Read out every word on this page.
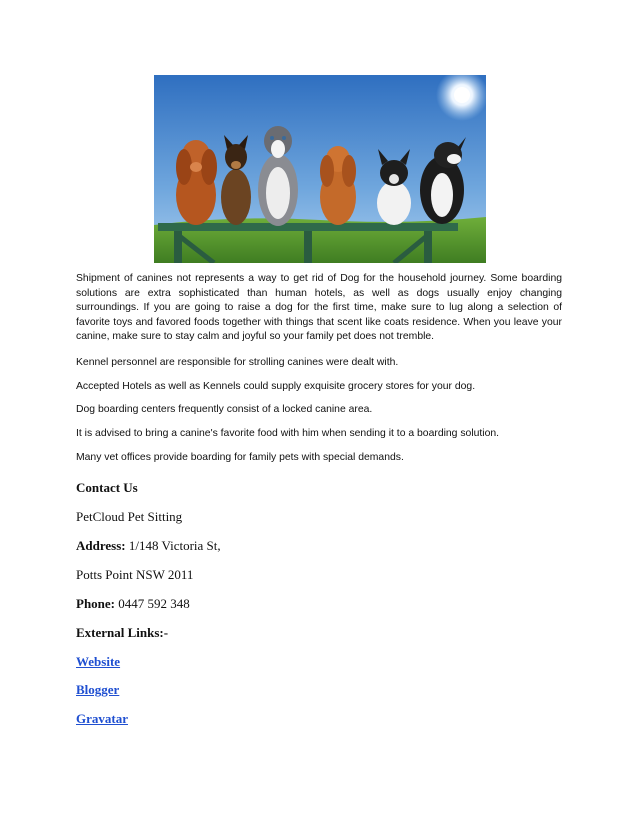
Shipment of canines not represents a way to get rid of Dog for the household journey. Some boarding solutions are extra sophisticated than human hotels, as well as dogs usually enjoy changing surroundings. If you are going to raise a dog for the first time, make sure to lug along a selection of favorite toys and favored foods together with things that scent like coats residence. When you leave your canine, make sure to stay calm and joyful so your family pet does not tremble.

Kennel personnel are responsible for strolling canines were dealt with.

Accepted Hotels as well as Kennels could supply exquisite grocery stores for your dog.

Dog boarding centers frequently consist of a locked canine area.

It is advised to bring a canine's favorite food with him when sending it to a boarding solution.

Many vet offices provide boarding for family pets with special demands.

Contact Us

PetCloud Pet Sitting

Address: 1/148 Victoria St,

Potts Point NSW 2011

Phone: 0447 592 348

External Links:-

Website

Blogger

Gravatar
